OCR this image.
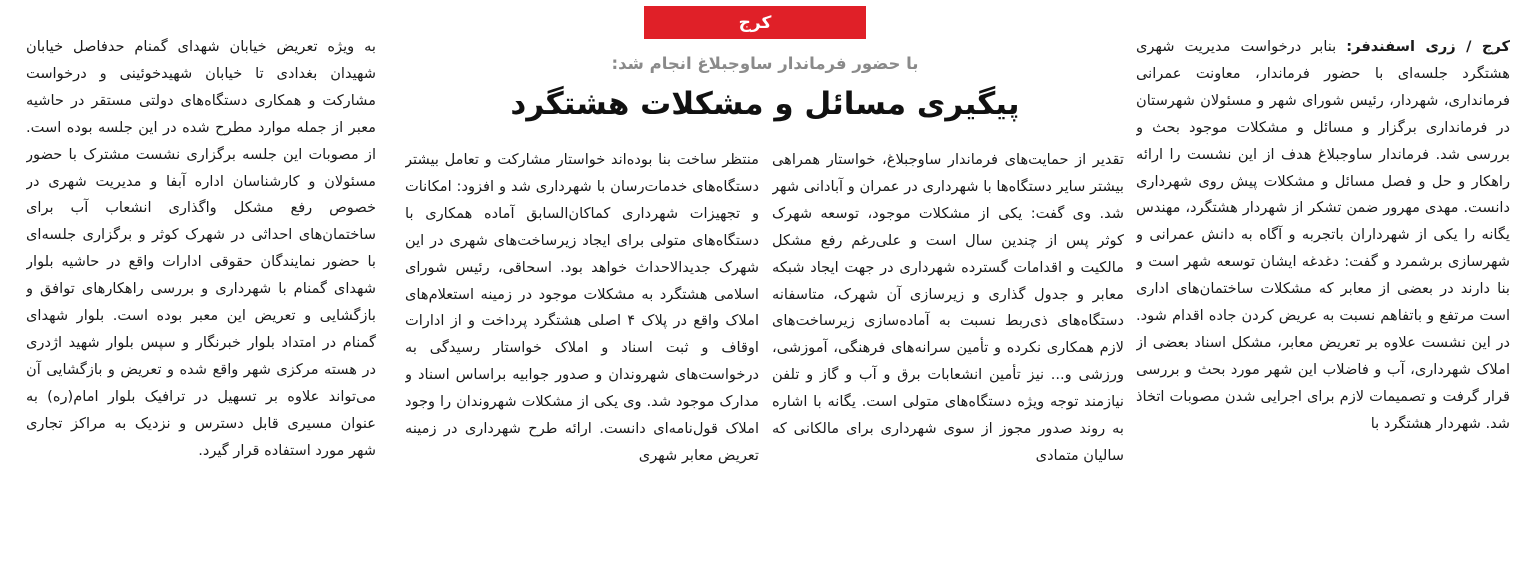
کرج
با حضور فرماندار ساوجبلاغ انجام شد:
پیگیری مسائل و مشکلات هشتگرد

کرج / زری اسفندفر: بنابر درخواست مدیریت شهری هشتگرد جلسه‌ای با حضور فرماندار، معاونت عمرانی فرمانداری، شهردار، رئیس شورای شهر و مسئولان شهرستان در فرمانداری برگزار و مسائل و مشکلات موجود بحث و بررسی شد. فرماندار ساوجبلاغ هدف از این نشست را ارائه راهکار و حل و فصل مسائل و مشکلات پیش روی شهرداری دانست. مهدی مهرور ضمن تشکر از شهردار هشتگرد، مهندس یگانه را یکی از شهرداران باتجربه و آگاه به دانش عمرانی و شهرسازی برشمرد و گفت: دغدغه ایشان توسعه شهر است و بنا دارند در بعضی از معابر که مشکلات ساختمان‌های اداری است مرتفع و باتفاهم نسبت به عریض کردن جاده اقدام شود. در این نشست علاوه بر تعریض معابر، مشکل اسناد بعضی از املاک شهرداری، آب و فاضلاب این شهر مورد بحث و بررسی قرار گرفت و تصمیمات لازم برای اجرایی شدن مصوبات اتخاذ شد. شهردار هشتگرد با

تقدیر از حمایت‌های فرماندار ساوجبلاغ، خواستار همراهی بیشتر سایر دستگاه‌ها با شهرداری در عمران و آبادانی شهر شد. وی گفت: یکی از مشکلات موجود، توسعه شهرک کوثر پس از چندین سال است و علی‌رغم رفع مشکل مالکیت و اقدامات گسترده شهرداری در جهت ایجاد شبکه معابر و جدول گذاری و زیرسازی آن شهرک، متاسفانه دستگاه‌های ذی‌ربط نسبت به آماده‌سازی زیرساخت‌های لازم همکاری نکرده و تأمین سرانه‌های فرهنگی، آموزشی، ورزشی و... نیز تأمین انشعابات برق و آب و گاز و تلفن نیازمند توجه ویژه دستگاه‌های متولی است. یگانه با اشاره به روند صدور مجوز از سوی شهرداری برای مالکانی که سالیان متمادی

منتظر ساخت بنا بوده‌اند خواستار مشارکت و تعامل بیشتر دستگاه‌های خدمات‌رسان با شهرداری شد و افزود: امکانات و تجهیزات شهرداری کماکان‌السابق آماده همکاری با دستگاه‌های متولی برای ایجاد زیرساخت‌های شهری در این شهرک جدیدالاحداث خواهد بود. اسحاقی، رئیس شورای اسلامی هشتگرد به مشکلات موجود در زمینه استعلام‌های املاک واقع در پلاک ۴ اصلی هشتگرد پرداخت و از ادارات اوقاف و ثبت اسناد و املاک خواستار رسیدگی به درخواست‌های شهروندان و صدور جوابیه براساس اسناد و مدارک موجود شد. وی یکی از مشکلات شهروندان را وجود املاک قول‌نامه‌ای دانست. ارائه طرح شهرداری در زمینه تعریض معابر شهری

به ویژه تعریض خیابان شهدای گمنام حدفاصل خیابان شهیدان بغدادی تا خیابان شهیدخوئینی و درخواست مشارکت و همکاری دستگاه‌های دولتی مستقر در حاشیه معبر از جمله موارد مطرح شده در این جلسه بوده است. از مصوبات این جلسه برگزاری نشست مشترک با حضور مسئولان و کارشناسان اداره آبفا و مدیریت شهری در خصوص رفع مشکل واگذاری انشعاب آب برای ساختمان‌های احداثی در شهرک کوثر و برگزاری جلسه‌ای با حضور نمایندگان حقوقی ادارات واقع در حاشیه بلوار شهدای گمنام با شهرداری و بررسی راهکارهای توافق و بازگشایی و تعریض این معبر بوده است. بلوار شهدای گمنام در امتداد بلوار خبرنگار و سپس بلوار شهید اژدری در هسته مرکزی شهر واقع شده و تعریض و بازگشایی آن می‌تواند علاوه بر تسهیل در ترافیک بلوار امام(ره) به عنوان مسیری قابل دسترس و نزدیک به مراکز تجاری شهر مورد استفاده قرار گیرد.
